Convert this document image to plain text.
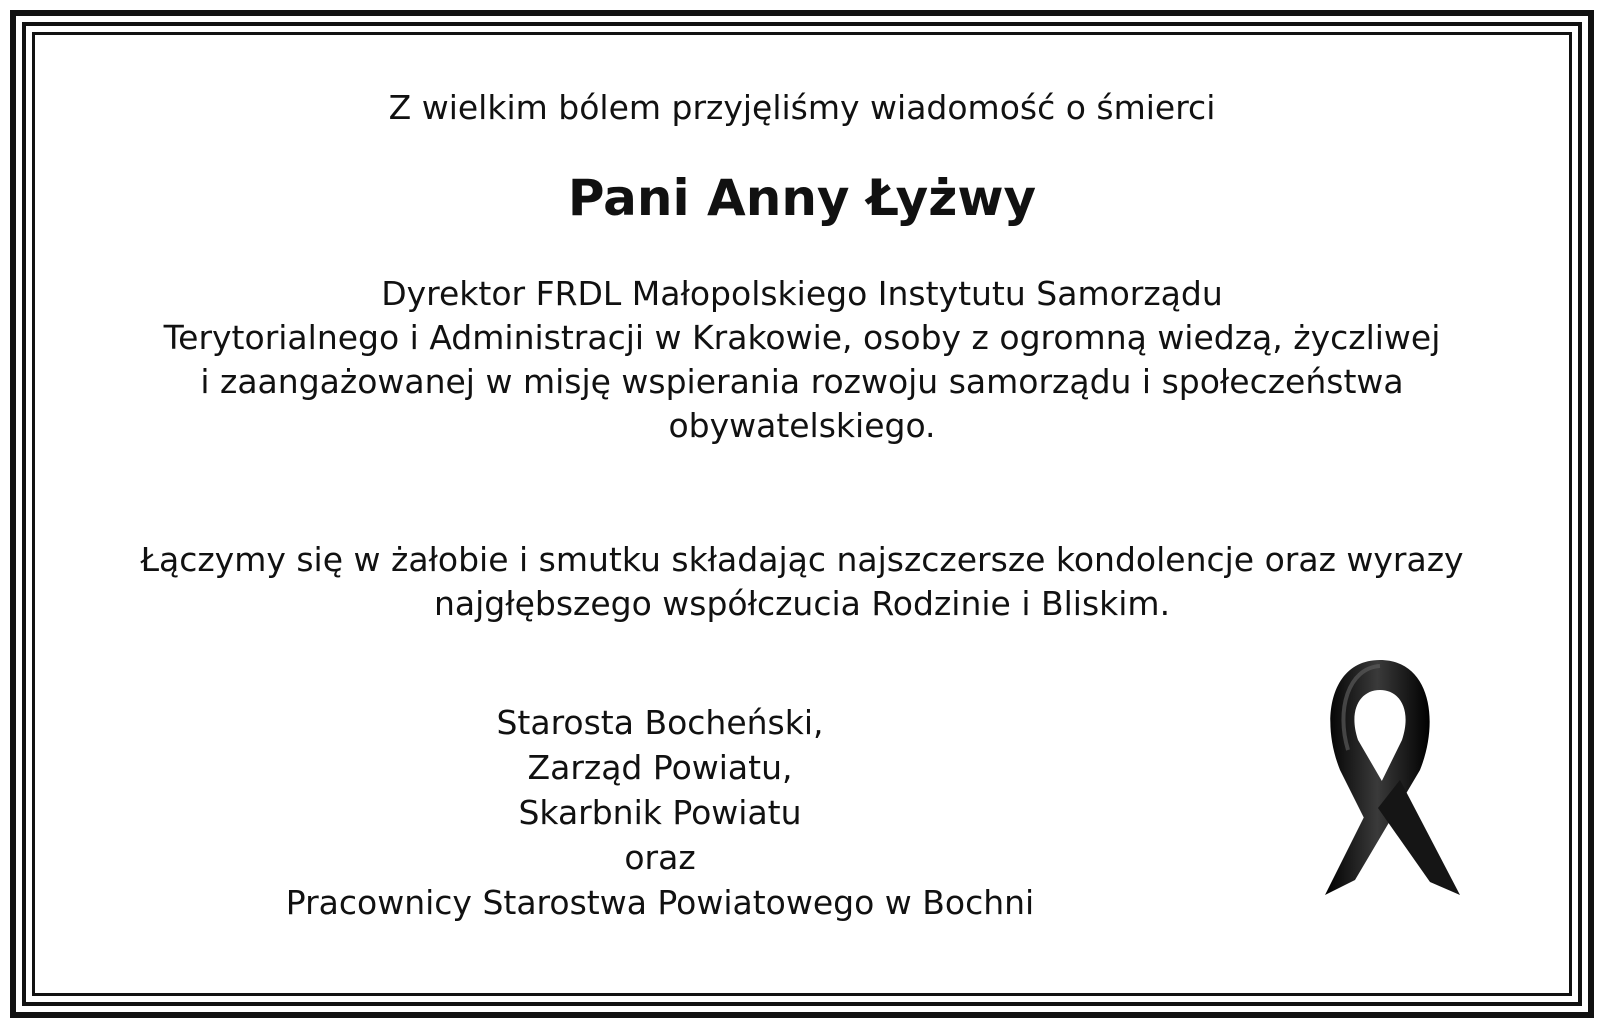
Z wielkim bólem przyjęliśmy wiadomość o śmierci
Pani Anny Łyżwy
Dyrektor FRDL Małopolskiego Instytutu Samorządu
Terytorialnego i Administracji w Krakowie, osoby z ogromną wiedzą, życzliwej
i zaangażowanej w misję wspierania rozwoju samorządu i społeczeństwa
obywatelskiego.
Łączymy się w żałobie i smutku składając najszczersze kondolencje oraz wyrazy
najgłębszego współczucia Rodzinie i Bliskim.
Starosta Bocheński,
Zarząd Powiatu,
Skarbnik Powiatu
oraz
Pracownicy Starostwa Powiatowego w Bochni
